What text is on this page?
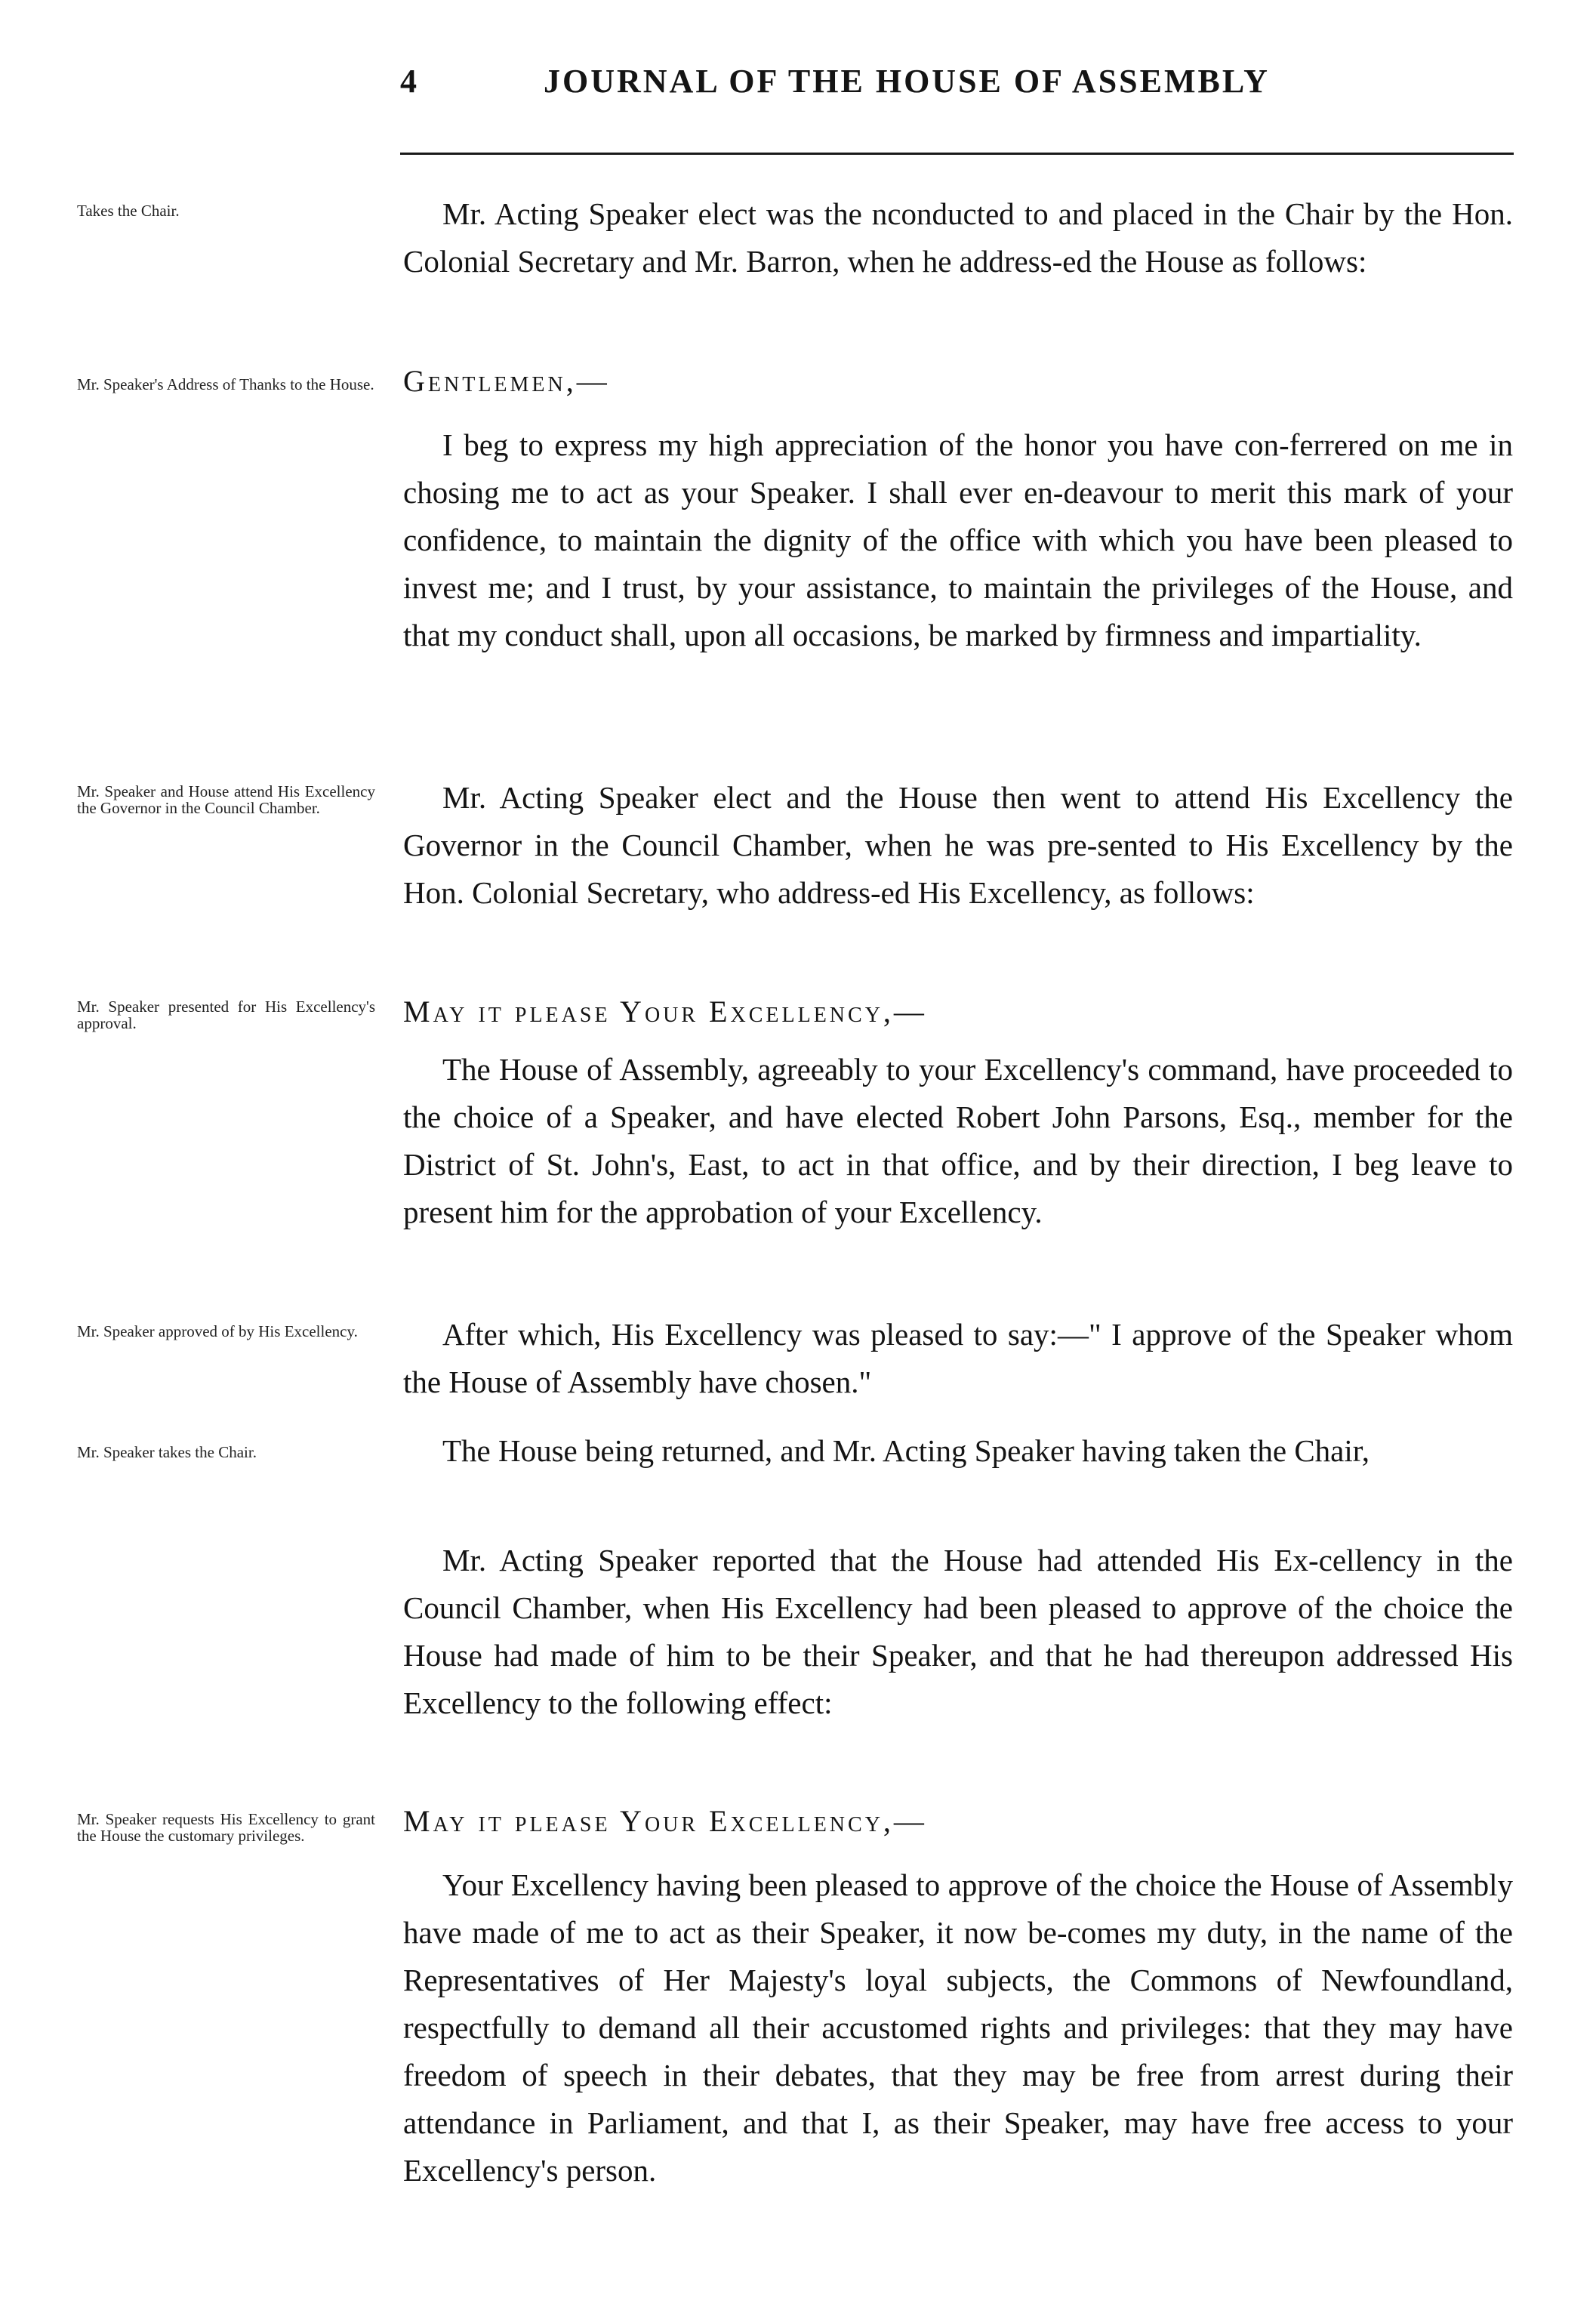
4	JOURNAL OF THE HOUSE OF ASSEMBLY
Takes the Chair.	Mr. Acting Speaker elect was the nconducted to and placed in the Chair by the Hon. Colonial Secretary and Mr. Barron, when he address-ed the House as follows:
Mr. Speaker's Address of Thanks to the House. Gentlemen,—
I beg to express my high appreciation of the honor you have con-ferrered on me in chosing me to act as your Speaker. I shall ever en-deavour to merit this mark of your confidence, to maintain the dignity of the office with which you have been pleased to invest me; and I trust, by your assistance, to maintain the privileges of the House, and that my conduct shall, upon all occasions, be marked by firmness and impartiality.
Mr. Speaker and House attend His Excellency the Governor in the Council Chamber.	Mr. Acting Speaker elect and the House then went to attend His Excellency the Governor in the Council Chamber, when he was pre-sented to His Excellency by the Hon. Colonial Secretary, who address-ed His Excellency, as follows:
Mr. Speaker presented for His Excellency's approval.	May it please Your Excellency,—
The House of Assembly, agreeably to your Excellency's command, have proceeded to the choice of a Speaker, and have elected Robert John Parsons, Esq., member for the District of St. John's, East, to act in that office, and by their direction, I beg leave to present him for the approbation of your Excellency.
Mr. Speaker approved of by His Excellency.	After which, His Excellency was pleased to say:—" I approve of the Speaker whom the House of Assembly have chosen."
Mr. Speaker takes the Chair.	The House being returned, and Mr. Acting Speaker having taken the Chair,
Mr. Acting Speaker reported that the House had attended His Ex-cellency in the Council Chamber, when His Excellency had been pleased to approve of the choice the House had made of him to be their Speaker, and that he had thereupon addressed His Excellency to the following effect:
Mr. Speaker requests His Excellency to grant the House the customary privileges.	May it please Your Excellency,—
Your Excellency having been pleased to approve of the choice the House of Assembly have made of me to act as their Speaker, it now be-comes my duty, in the name of the Representatives of Her Majesty's loyal subjects, the Commons of Newfoundland, respectfully to demand all their accustomed rights and privileges: that they may have freedom of speech in their debates, that they may be free from arrest during their attendance in Parliament, and that I, as their Speaker, may have free access to your Excellency's person.
